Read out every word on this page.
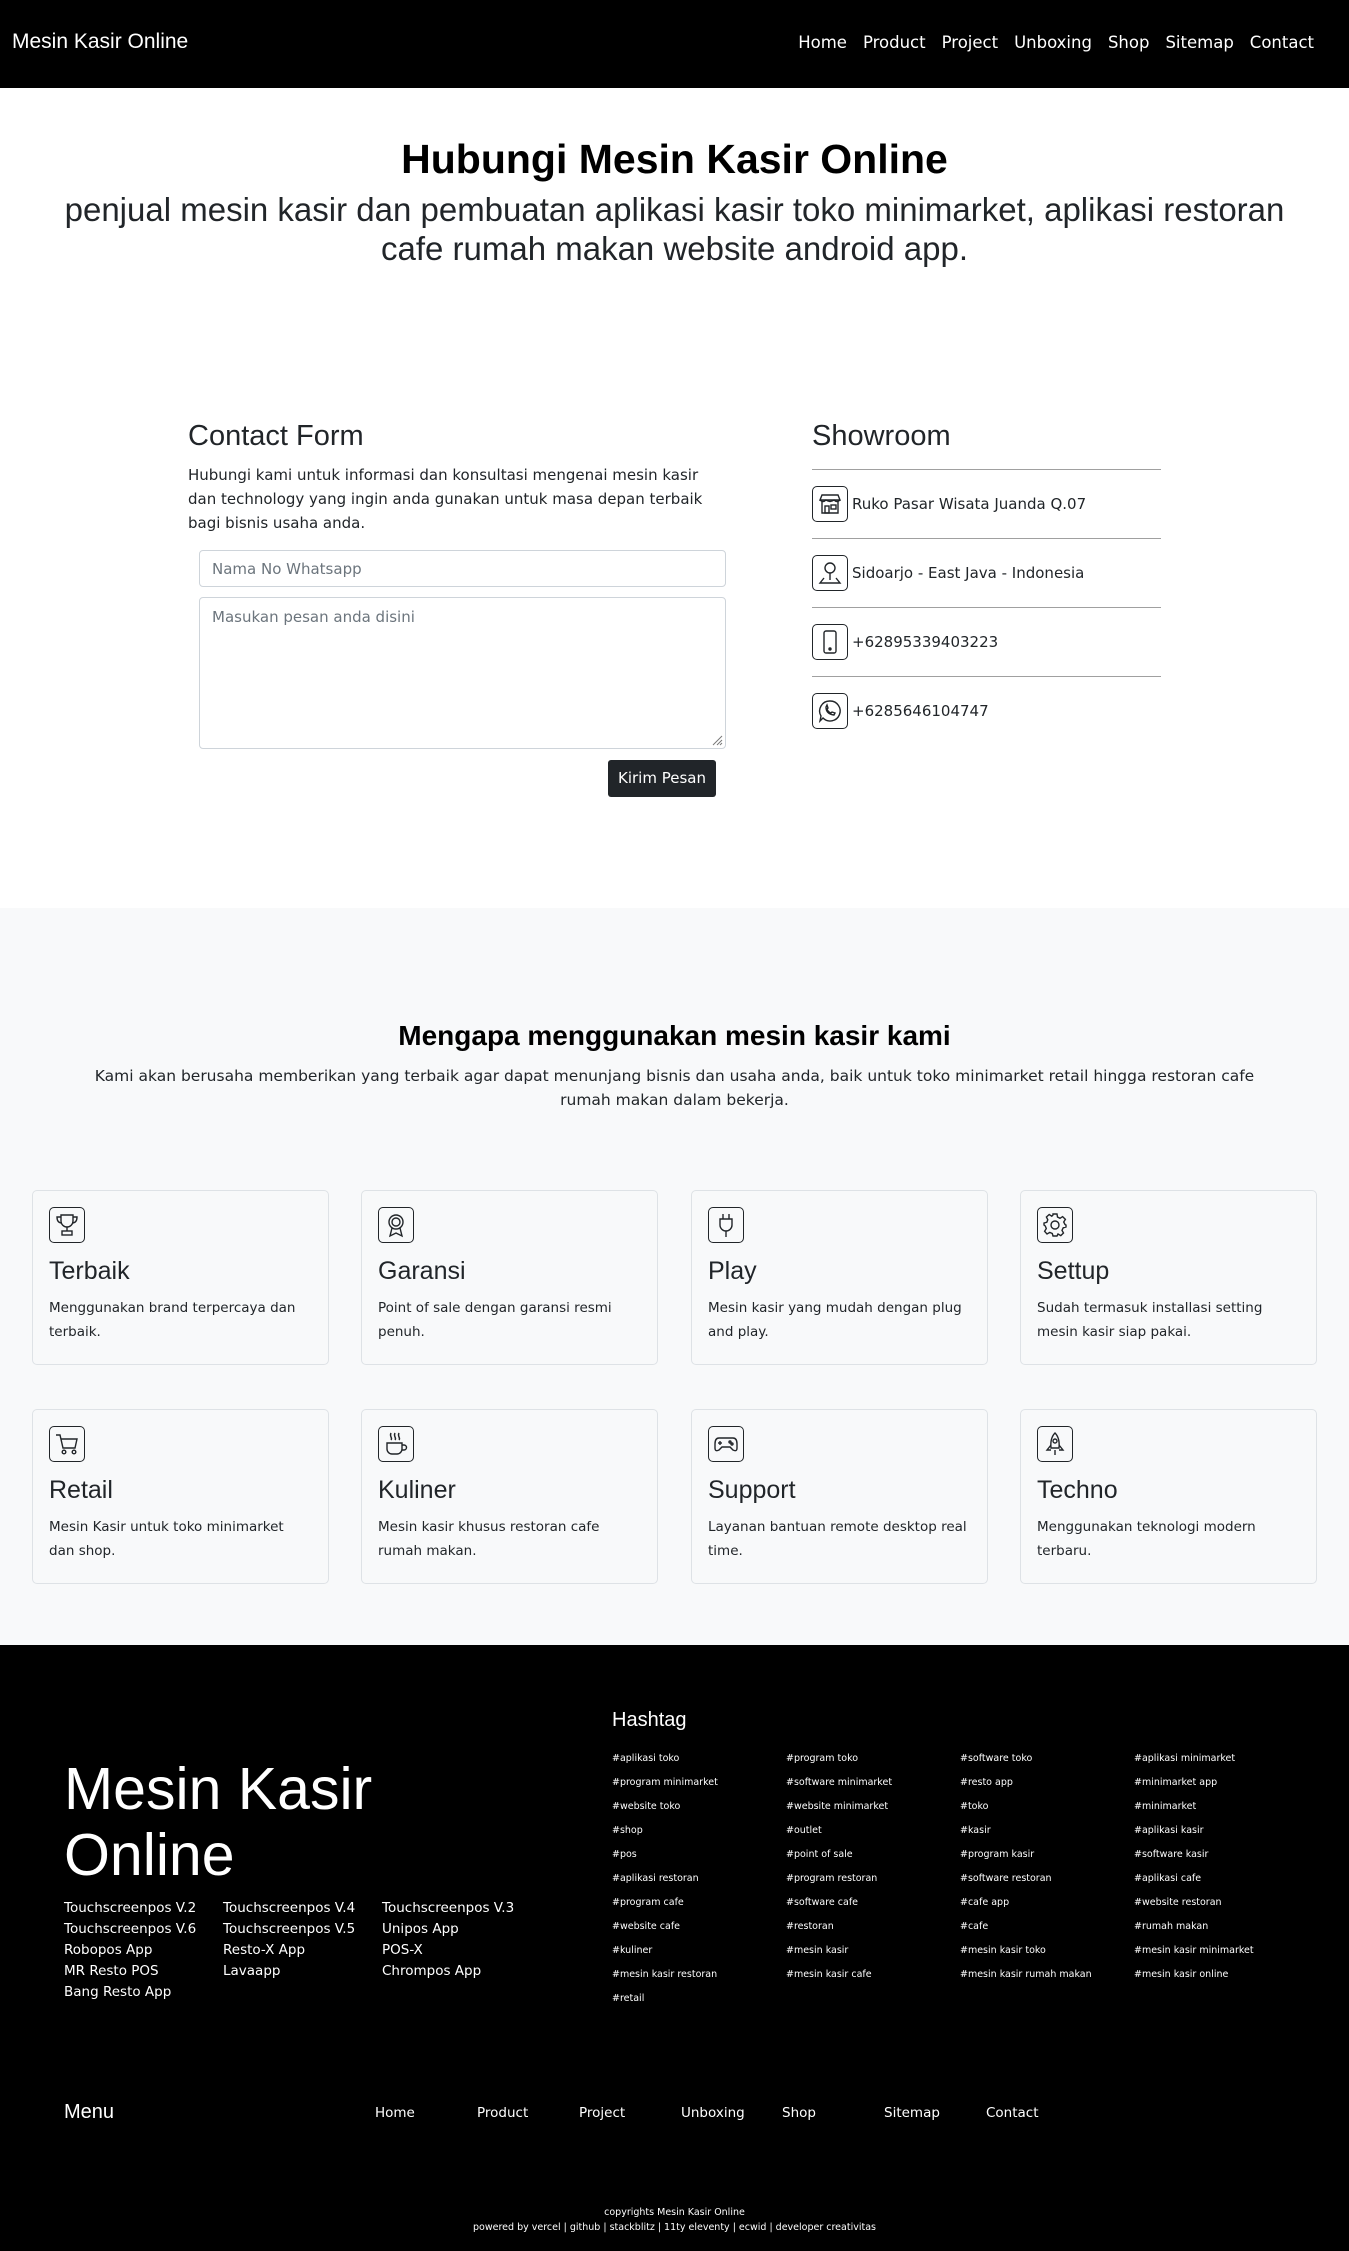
Mesin Kasir Online	Home Product Project Unboxing Shop Sitemap Contact
Hubungi Mesin Kasir Online
penjual mesin kasir dan pembuatan aplikasi kasir toko minimarket, aplikasi restoran cafe rumah makan website android app.
Contact Form
Hubungi kami untuk informasi dan konsultasi mengenai mesin kasir dan technology yang ingin anda gunakan untuk masa depan terbaik bagi bisnis usaha anda.
Nama No Whatsapp
Masukan pesan anda disini
Kirim Pesan
Showroom
Ruko Pasar Wisata Juanda Q.07
Sidoarjo - East Java - Indonesia
+62895339403223
+6285646104747
Mengapa menggunakan mesin kasir kami
Kami akan berusaha memberikan yang terbaik agar dapat menunjang bisnis dan usaha anda, baik untuk toko minimarket retail hingga restoran cafe rumah makan dalam bekerja.
Terbaik
Menggunakan brand terpercaya dan terbaik.
Garansi
Point of sale dengan garansi resmi penuh.
Play
Mesin kasir yang mudah dengan plug and play.
Settup
Sudah termasuk installasi setting mesin kasir siap pakai.
Retail
Mesin Kasir untuk toko minimarket dan shop.
Kuliner
Mesin kasir khusus restoran cafe rumah makan.
Support
Layanan bantuan remote desktop real time.
Techno
Menggunakan teknologi modern terbaru.
Mesin Kasir Online
Touchscreenpos V.2	Touchscreenpos V.4	Touchscreenpos V.3
Touchscreenpos V.6	Touchscreenpos V.5	Unipos App
Robopos App	Resto-X App	POS-X
MR Resto POS	Lavaapp	Chrompos App
Bang Resto App
Hashtag
#aplikasi toko	#program toko	#software toko	#aplikasi minimarket
#program minimarket	#software minimarket	#resto app	#minimarket app
#website toko	#website minimarket	#toko	#minimarket
#shop	#outlet	#kasir	#aplikasi kasir
#pos	#point of sale	#program kasir	#software kasir
#aplikasi restoran	#program restoran	#software restoran	#aplikasi cafe
#program cafe	#software cafe	#cafe app	#website restoran
#website cafe	#restoran	#cafe	#rumah makan
#kuliner	#mesin kasir	#mesin kasir toko	#mesin kasir minimarket
#mesin kasir restoran	#mesin kasir cafe	#mesin kasir rumah makan	#mesin kasir online
#retail
Menu	Home	Product	Project	Unboxing	Shop	Sitemap	Contact
copyrights Mesin Kasir Online
powered by vercel | github | stackblitz | 11ty eleventy | ecwid | developer creativitas
